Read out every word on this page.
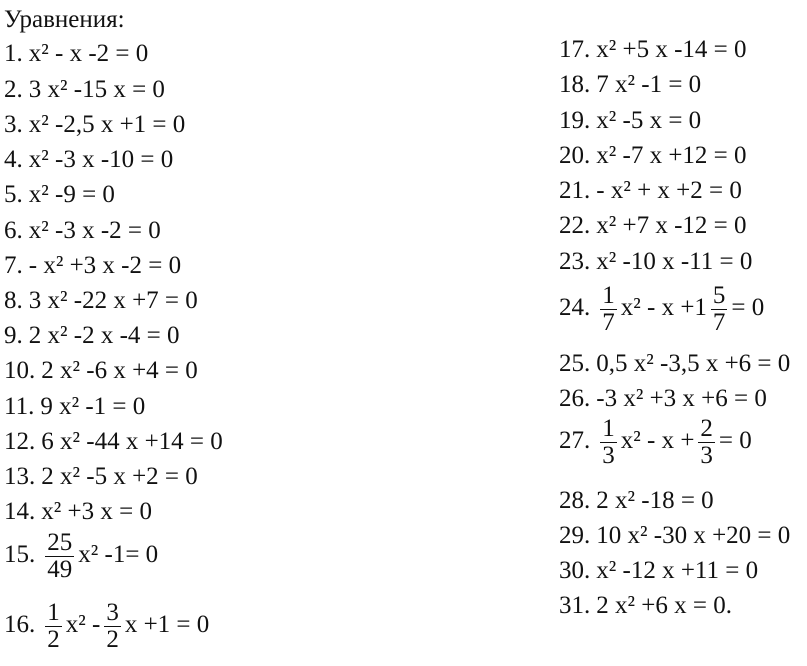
Уравнения:
1. x² - x -2 = 0
2. 3 x² -15 x = 0
3. x² -2,5 x +1 = 0
4. x² -3 x -10 = 0
5. x² -9 = 0
6. x² -3 x -2 = 0
7. - x² +3 x -2 = 0
8. 3 x² -22 x +7 = 0
9. 2 x² -2 x -4 = 0
10. 2 x² -6 x +4 = 0
11. 9 x² -1 = 0
12. 6 x² -44 x +14 = 0
13. 2 x² -5 x +2 = 0
14. x² +3 x = 0
15. $\frac{25}{49} x^2$ -1= 0
16. $\frac{1}{2} x^2 - \frac{3}{2}$ x +1 = 0
17. x² +5 x -14 = 0
18. 7 x² -1 = 0
19. x² -5 x = 0
20. x² -7 x +12 = 0
21. - x² + x +2 = 0
22. x² +7 x -12 = 0
23. x² -10 x -11 = 0
24. $\frac{1}{7} x^2 - x +1 \frac{5}{7} = 0$
25. 0,5 x² -3,5 x +6 = 0
26. -3 x² +3 x +6 = 0
27. $\frac{1}{3} x^2 - x + \frac{2}{3} = 0$
28. 2 x² -18 = 0
29. 10 x² -30 x +20 = 0
30. x² -12 x +11 = 0
31. 2 x² +6 x = 0.
